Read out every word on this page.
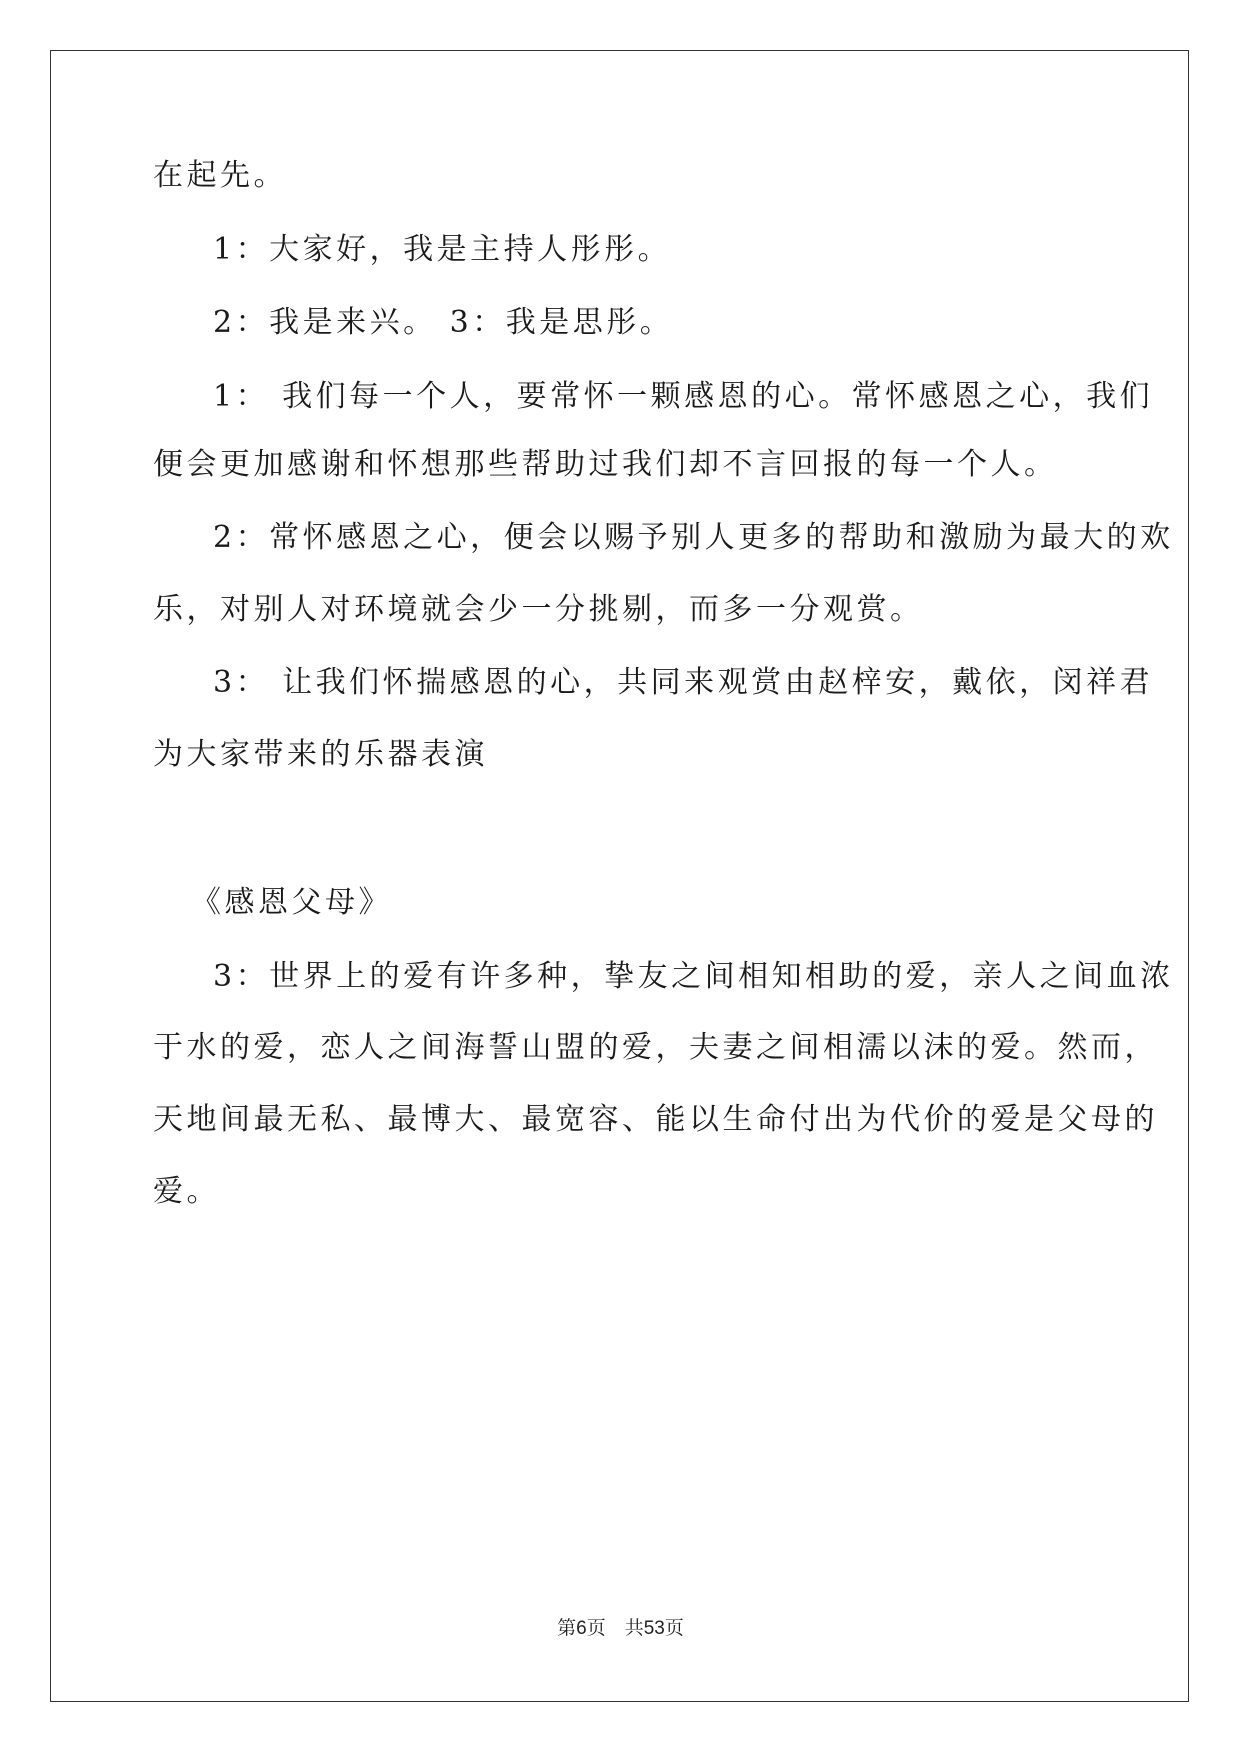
在起先。
1：大家好，我是主持人彤彤。
2：我是来兴。 3：我是思彤。
1： 我们每一个人，要常怀一颗感恩的心。常怀感恩之心，我们
便会更加感谢和怀想那些帮助过我们却不言回报的每一个人。
2：常怀感恩之心，便会以赐予别人更多的帮助和激励为最大的欢
乐，对别人对环境就会少一分挑剔，而多一分观赏。
3： 让我们怀揣感恩的心，共同来观赏由赵梓安，戴依，闵祥君
为大家带来的乐器表演
《感恩父母》
3：世界上的爱有许多种，挚友之间相知相助的爱，亲人之间血浓
于水的爱，恋人之间海誓山盟的爱，夫妻之间相濡以沫的爱。然而，
天地间最无私、最博大、最宽容、能以生命付出为代价的爱是父母的
爱。
第6页　共53页
